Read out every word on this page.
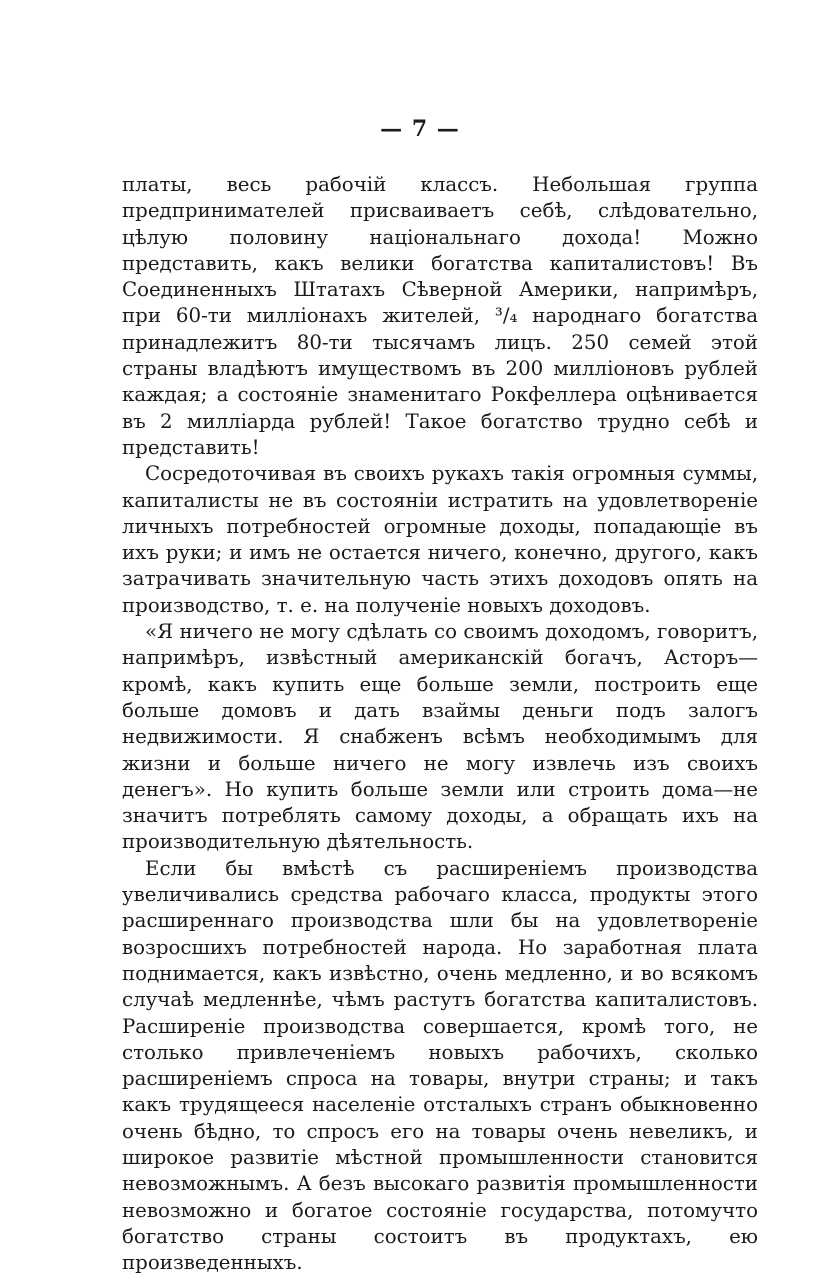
— 7 —

платы, весь рабочій классъ. Небольшая группа предпринимателей присваиваетъ себѣ, слѣдовательно, цѣлую половину національнаго дохода! Можно представить, какъ велики богатства капиталистовъ! Въ Соединенныхъ Штатахъ Сѣверной Америки, напримѣръ, при 60-ти милліонахъ жителей, ³/₄ народнаго богатства принадлежитъ 80-ти тысячамъ лицъ. 250 семей этой страны владѣютъ имуществомъ въ 200 милліоновъ рублей каждая; а состояніе знаменитаго Рокфеллера оцѣнивается въ 2 милліарда рублей! Такое богатство трудно себѣ и представить!

Сосредоточивая въ своихъ рукахъ такія огромныя суммы, капиталисты не въ состояніи истратить на удовлетвореніе личныхъ потребностей огромные доходы, попадающіе въ ихъ руки; и имъ не остается ничего, конечно, другого, какъ затрачивать значительную часть этихъ доходовъ опять на производство, т. е. на полученіе новыхъ доходовъ.

«Я ничего не могу сдѣлать со своимъ доходомъ, говоритъ, напримѣръ, извѣстный американскій богачъ, Асторъ—кромѣ, какъ купить еще больше земли, построить еще больше домовъ и дать взаймы деньги подъ залогъ недвижимости. Я снабженъ всѣмъ необходимымъ для жизни и больше ничего не могу извлечь изъ своихъ денегъ». Но купить больше земли или строить дома—не значитъ потреблять самому доходы, а обращать ихъ на производительную дѣятельность.

Если бы вмѣстѣ съ расширеніемъ производства увеличивались средства рабочаго класса, продукты этого расширеннаго производства шли бы на удовлетвореніе возросшихъ потребностей народа. Но заработная плата поднимается, какъ извѣстно, очень медленно, и во всякомъ случаѣ медленнѣе, чѣмъ растутъ богатства капиталистовъ. Расширеніе производства совершается, кромѣ того, не столько привлеченіемъ новыхъ рабочихъ, сколько расширеніемъ спроса на товары, внутри страны; и такъ какъ трудящееся населеніе отсталыхъ странъ обыкновенно очень бѣдно, то спросъ его на товары очень невеликъ, и широкое развитіе мѣстной промышленности становится невозможнымъ. А безъ высокаго развитія промышленности невозможно и богатое состояніе государства, потомучто богатство страны состоитъ въ продуктахъ, ею произведенныхъ.
